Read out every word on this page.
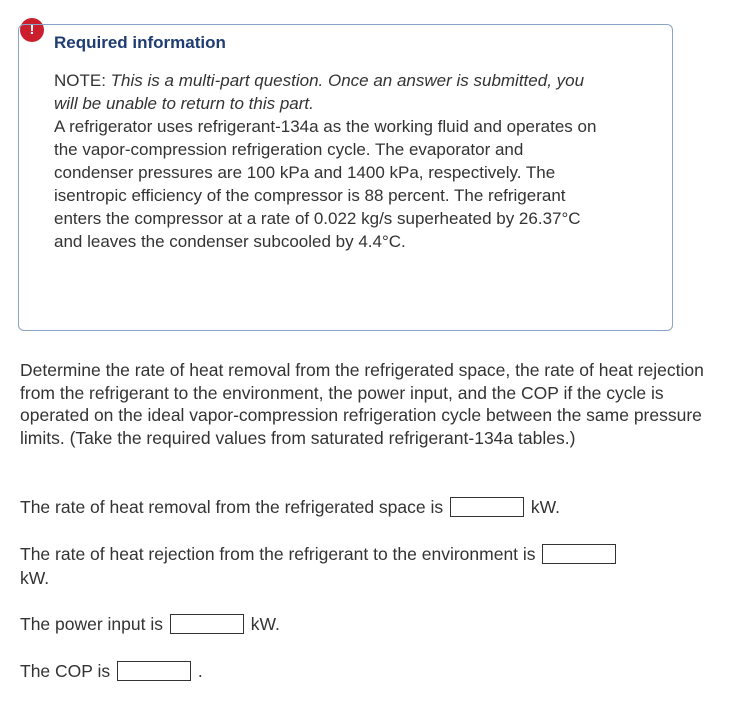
!
Required information
NOTE: This is a multi-part question. Once an answer is submitted, you will be unable to return to this part.
A refrigerator uses refrigerant-134a as the working fluid and operates on the vapor-compression refrigeration cycle. The evaporator and condenser pressures are 100 kPa and 1400 kPa, respectively. The isentropic efficiency of the compressor is 88 percent. The refrigerant enters the compressor at a rate of 0.022 kg/s superheated by 26.37°C and leaves the condenser subcooled by 4.4°C.

Determine the rate of heat removal from the refrigerated space, the rate of heat rejection from the refrigerant to the environment, the power input, and the COP if the cycle is operated on the ideal vapor-compression refrigeration cycle between the same pressure limits. (Take the required values from saturated refrigerant-134a tables.)

The rate of heat removal from the refrigerated space is	kW.
The rate of heat rejection from the refrigerant to the environment is
kW.
The power input is	kW.
The COP is	.
